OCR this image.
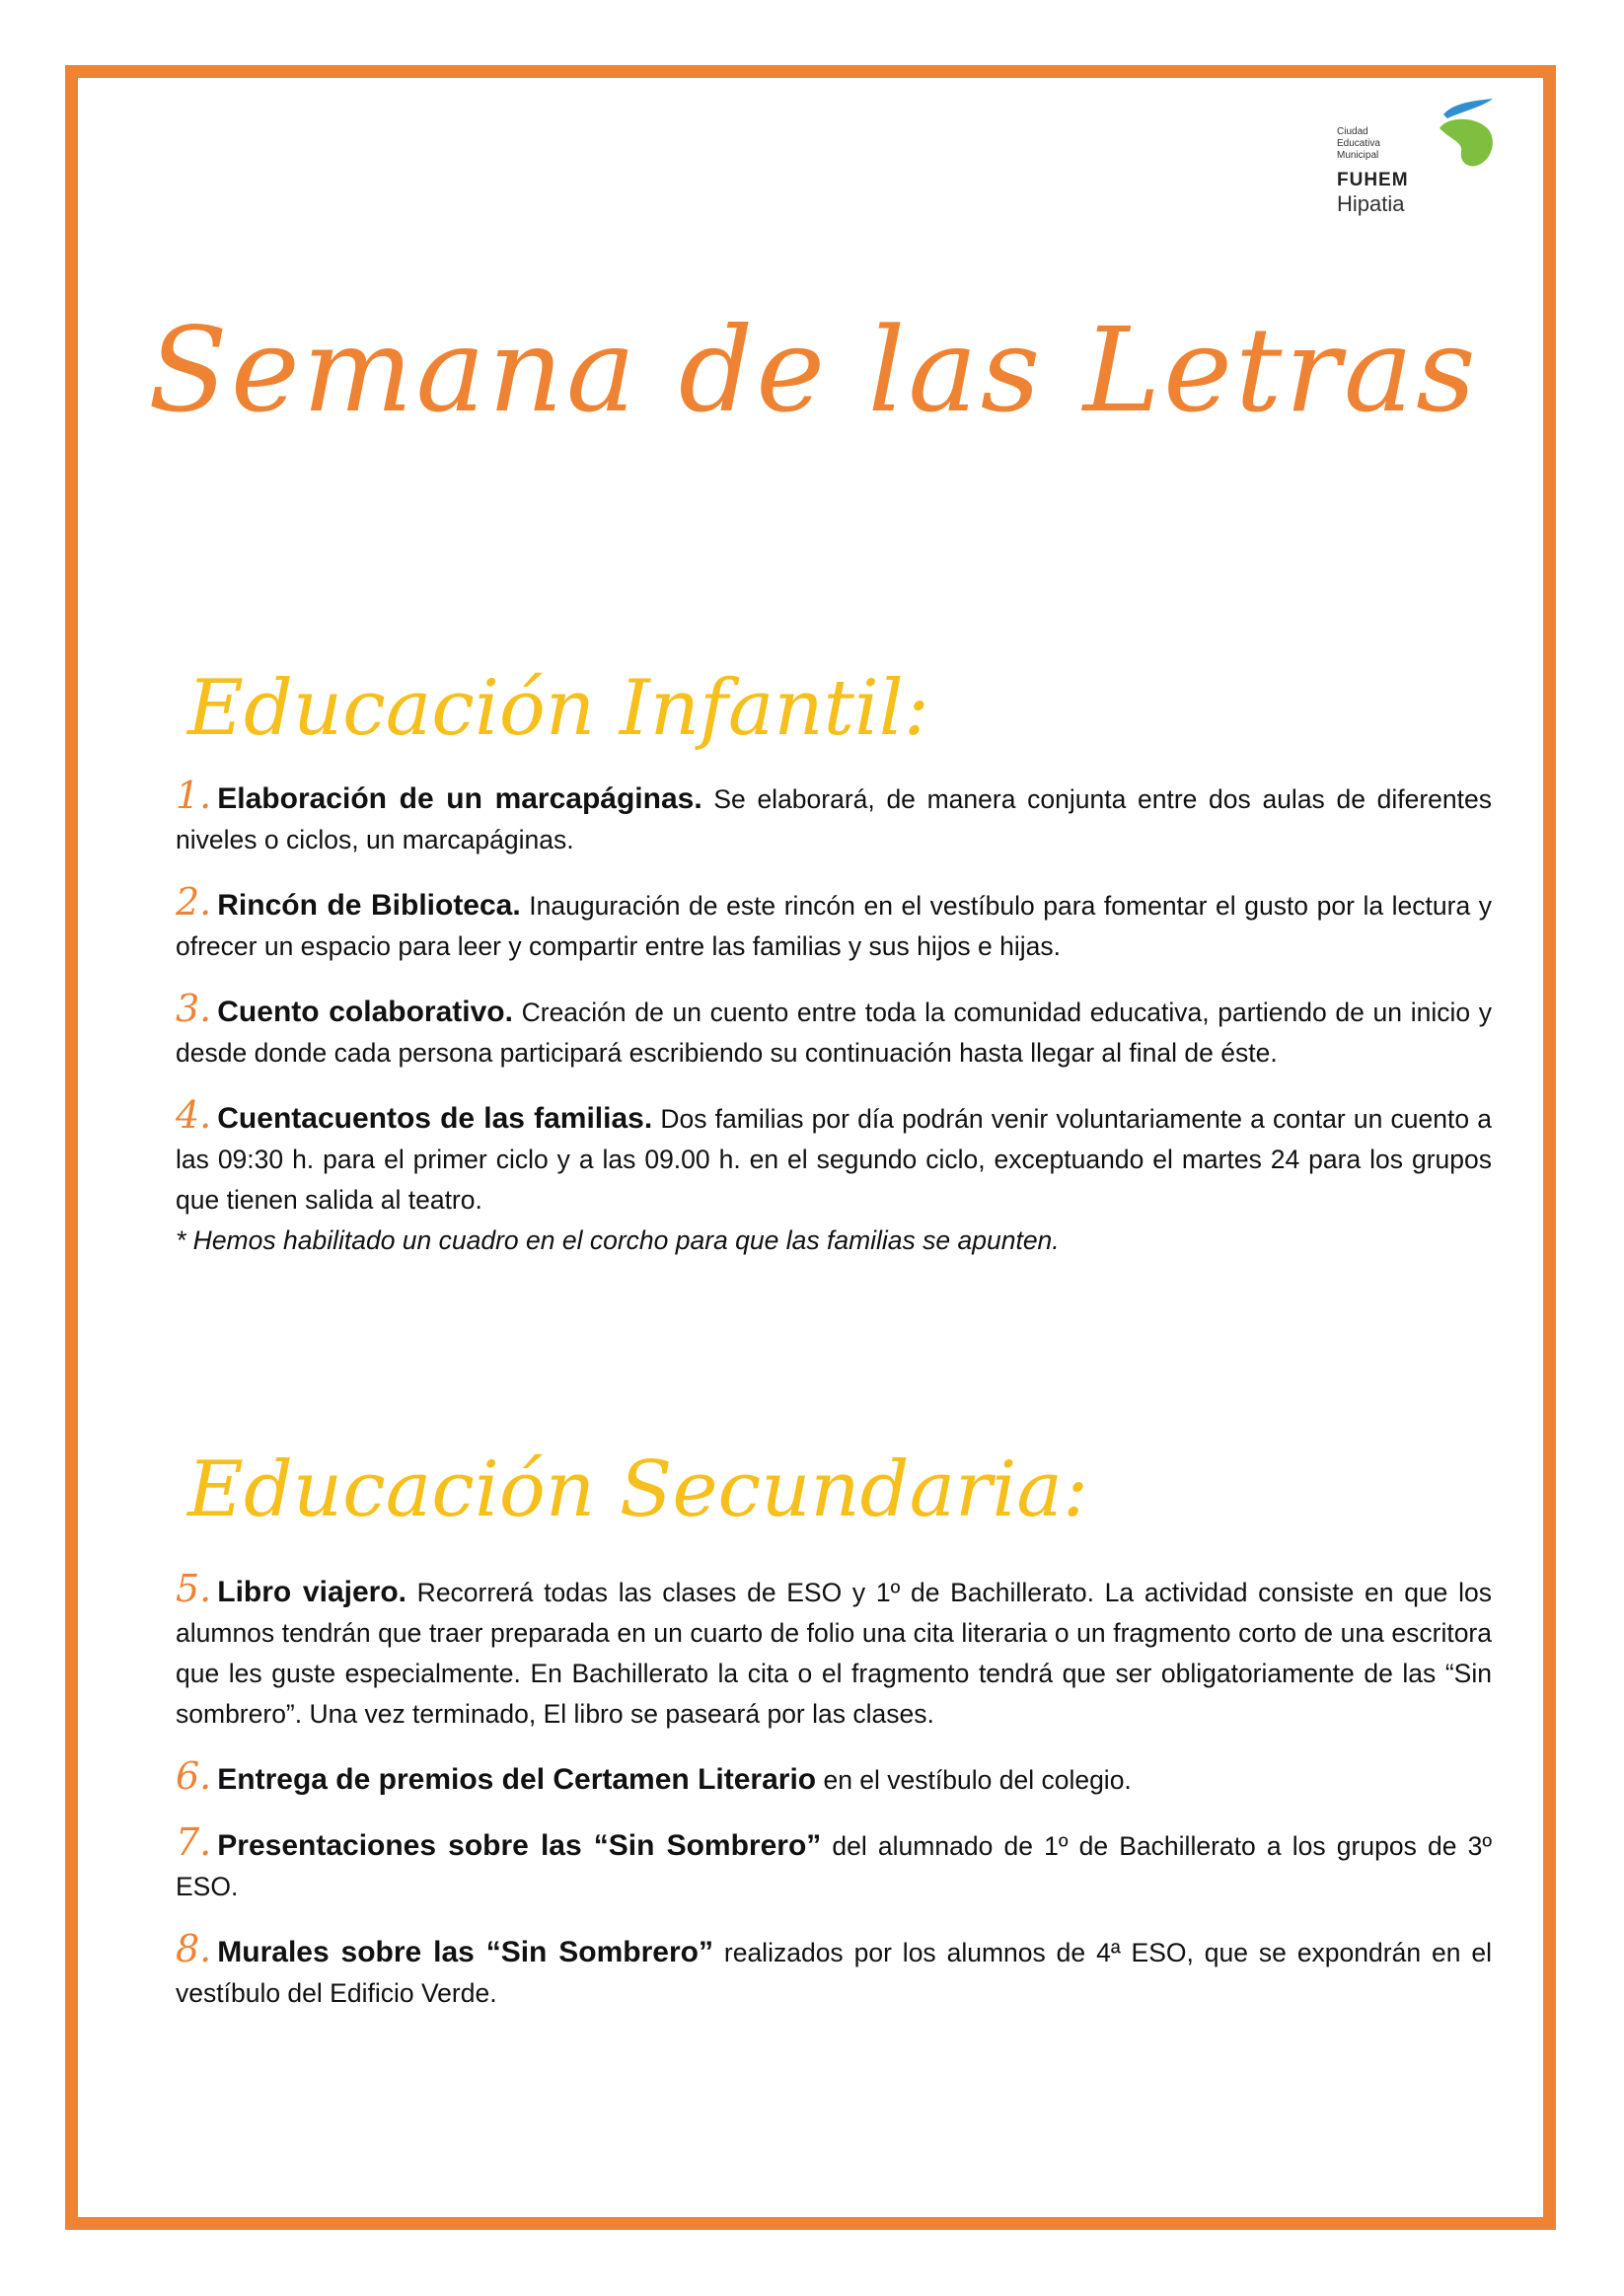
Ciudad
Educativa
Municipal
FUHEM
Hipatia
Semana de las Letras
Educación Infantil:

1. Elaboración de un marcapáginas. Se elaborará, de manera conjunta entre dos aulas de diferentes niveles o ciclos, un marcapáginas.

2. Rincón de Biblioteca. Inauguración de este rincón en el vestíbulo para fomentar el gusto por la lectura y ofrecer un espacio para leer y compartir entre las familias y sus hijos e hijas.

3. Cuento colaborativo. Creación de un cuento entre toda la comunidad educativa, partiendo de un inicio y desde donde cada persona participará escribiendo su continuación hasta llegar al final de éste.

4. Cuentacuentos de las familias. Dos familias por día podrán venir voluntariamente a contar un cuento a las 09:30 h. para el primer ciclo y a las 09.00 h. en el segundo ciclo, exceptuando el martes 24 para los grupos que tienen salida al teatro.
* Hemos habilitado un cuadro en el corcho para que las familias se apunten.

Educación Secundaria:

5. Libro viajero. Recorrerá todas las clases de ESO y 1º de Bachillerato. La actividad consiste en que los alumnos tendrán que traer preparada en un cuarto de folio una cita literaria o un fragmento corto de una escritora que les guste especialmente. En Bachillerato la cita o el fragmento tendrá que ser obligatoriamente de las “Sin sombrero”. Una vez terminado, El libro se paseará por las clases.

6. Entrega de premios del Certamen Literario en el vestíbulo del colegio.

7. Presentaciones sobre las “Sin Sombrero” del alumnado de 1º de Bachillerato a los grupos de 3º ESO.

8. Murales sobre las “Sin Sombrero” realizados por los alumnos de 4ª ESO, que se expondrán en el vestíbulo del Edificio Verde.
